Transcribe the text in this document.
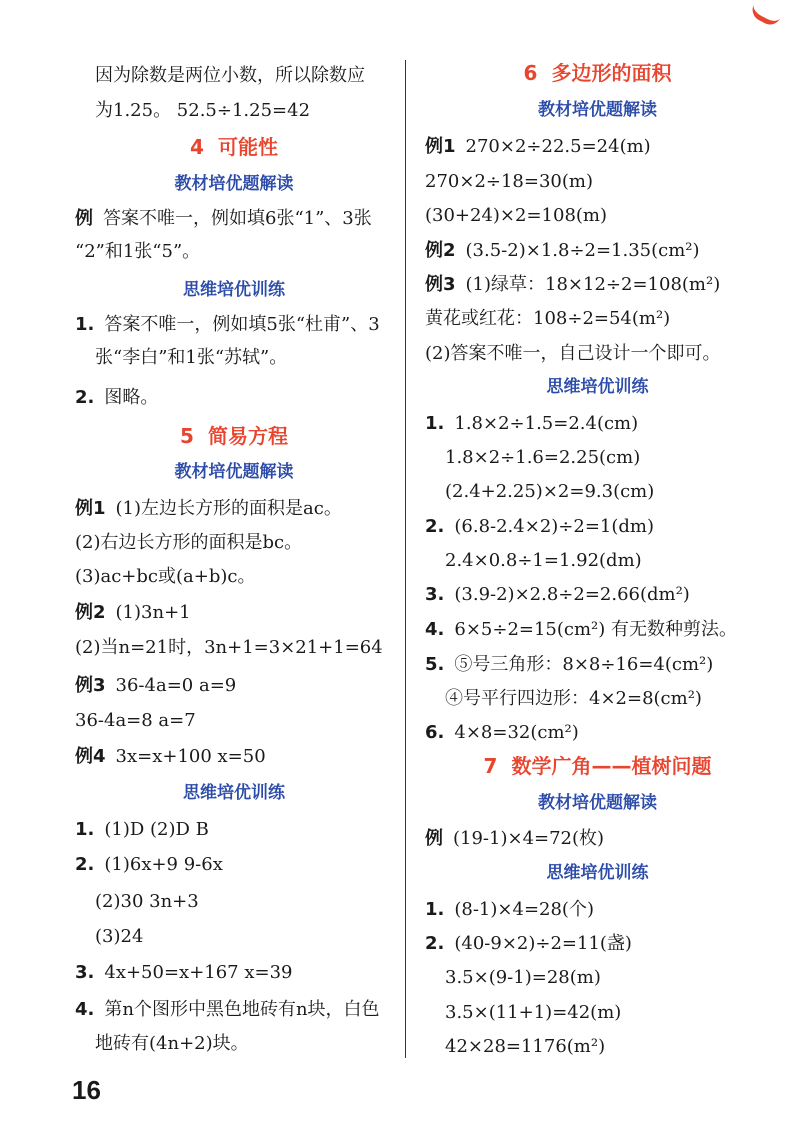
因为除数是两位小数，所以除数应
为1.25。 52.5÷1.25=42
4 可能性
教材培优题解读
例 答案不唯一，例如填6张“1”、3张
“2”和1张“5”。
思维培优训练
1. 答案不唯一，例如填5张“杜甫”、3
张“李白”和1张“苏轼”。
2. 图略。
5 简易方程
教材培优题解读
例1 (1)左边长方形的面积是ac。
(2)右边长方形的面积是bc。
(3)ac+bc或(a+b)c。
例2 (1)3n+1
(2)当n=21时，3n+1=3×21+1=64
例3 36-4a=0 a=9
36-4a=8 a=7
例4 3x=x+100 x=50
思维培优训练
1. (1)D (2)D B
2. (1)6x+9 9-6x
(2)30 3n+3
(3)24
3. 4x+50=x+167 x=39
4. 第n个图形中黑色地砖有n块，白色
地砖有(4n+2)块。
6 多边形的面积
教材培优题解读
例1 270×2÷22.5=24(m)
270×2÷18=30(m)
(30+24)×2=108(m)
例2 (3.5-2)×1.8÷2=1.35(cm²)
例3 (1)绿草：18×12÷2=108(m²)
黄花或红花：108÷2=54(m²)
(2)答案不唯一，自己设计一个即可。
思维培优训练
1. 1.8×2÷1.5=2.4(cm)
1.8×2÷1.6=2.25(cm)
(2.4+2.25)×2=9.3(cm)
2. (6.8-2.4×2)÷2=1(dm)
2.4×0.8÷1=1.92(dm)
3. (3.9-2)×2.8÷2=2.66(dm²)
4. 6×5÷2=15(cm²) 有无数种剪法。
5. ⑤号三角形：8×8÷16=4(cm²)
④号平行四边形：4×2=8(cm²)
6. 4×8=32(cm²)
7 数学广角——植树问题
教材培优题解读
例 (19-1)×4=72(枚)
思维培优训练
1. (8-1)×4=28(个)
2. (40-9×2)÷2=11(盏)
3.5×(9-1)=28(m)
3.5×(11+1)=42(m)
42×28=1176(m²)
16
